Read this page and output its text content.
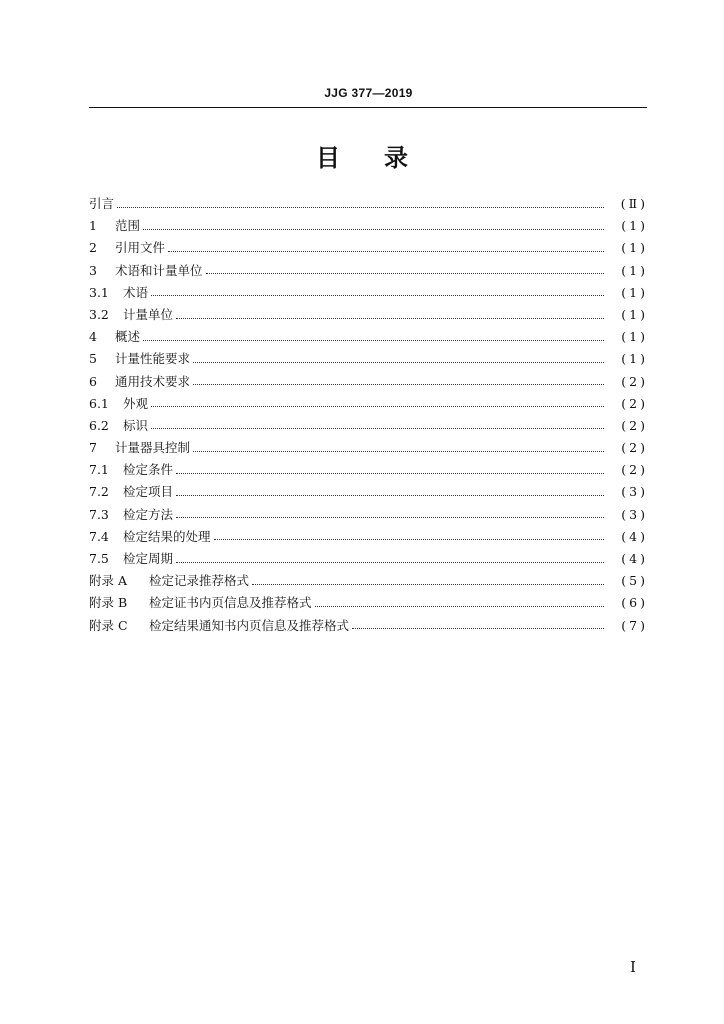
JJG 377—2019
目 录
引言	(Ⅱ)
1	范围	(1)
2	引用文件	(1)
3	术语和计量单位	(1)
3.1	术语	(1)
3.2	计量单位	(1)
4	概述	(1)
5	计量性能要求	(1)
6	通用技术要求	(2)
6.1	外观	(2)
6.2	标识	(2)
7	计量器具控制	(2)
7.1	检定条件	(2)
7.2	检定项目	(3)
7.3	检定方法	(3)
7.4	检定结果的处理	(4)
7.5	检定周期	(4)
附录 A	检定记录推荐格式	(5)
附录 B	检定证书内页信息及推荐格式	(6)
附录 C	检定结果通知书内页信息及推荐格式	(7)
I
